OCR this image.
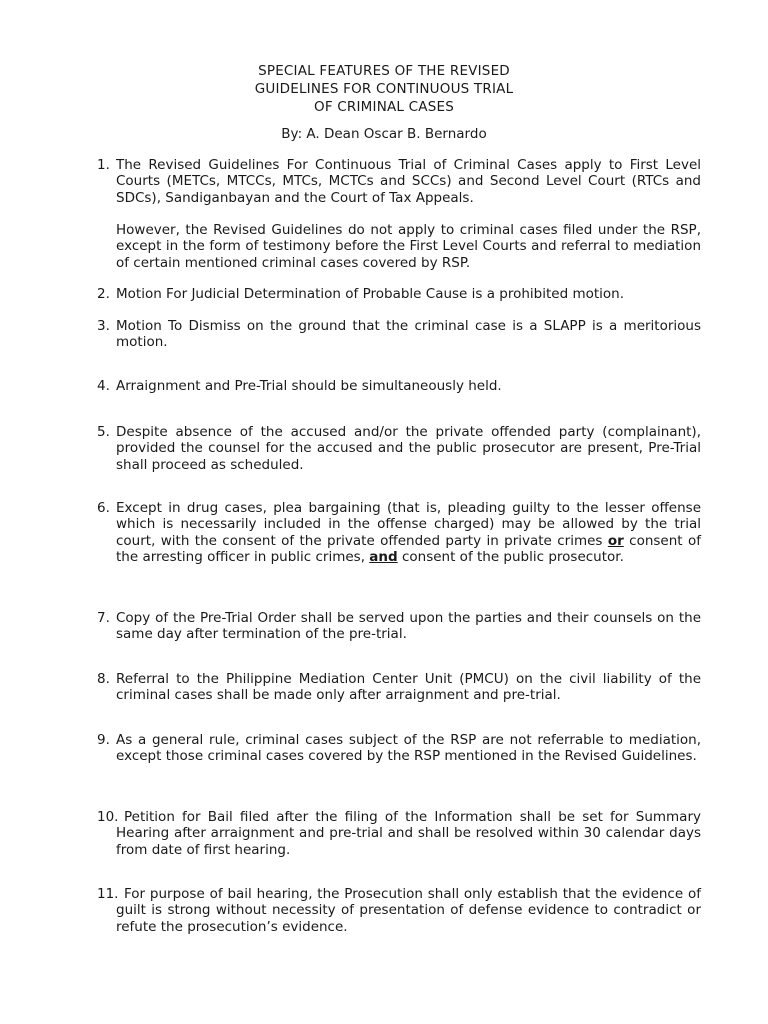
SPECIAL FEATURES OF THE REVISED
GUIDELINES FOR CONTINUOUS TRIAL
OF CRIMINAL CASES
By: A. Dean Oscar B. Bernardo
1. The Revised Guidelines For Continuous Trial of Criminal Cases apply to First Level Courts (METCs, MTCCs, MTCs, MCTCs and SCCs) and Second Level Court (RTCs and SDCs), Sandiganbayan and the Court of Tax Appeals.
However, the Revised Guidelines do not apply to criminal cases filed under the RSP, except in the form of testimony before the First Level Courts and referral to mediation of certain mentioned criminal cases covered by RSP.
2. Motion For Judicial Determination of Probable Cause is a prohibited motion.
3. Motion To Dismiss on the ground that the criminal case is a SLAPP is a meritorious motion.
4. Arraignment and Pre-Trial should be simultaneously held.
5. Despite absence of the accused and/or the private offended party (complainant), provided the counsel for the accused and the public prosecutor are present, Pre-Trial shall proceed as scheduled.
6. Except in drug cases, plea bargaining (that is, pleading guilty to the lesser offense which is necessarily included in the offense charged) may be allowed by the trial court, with the consent of the private offended party in private crimes or consent of the arresting officer in public crimes, and consent of the public prosecutor.
7. Copy of the Pre-Trial Order shall be served upon the parties and their counsels on the same day after termination of the pre-trial.
8. Referral to the Philippine Mediation Center Unit (PMCU) on the civil liability of the criminal cases shall be made only after arraignment and pre-trial.
9. As a general rule, criminal cases subject of the RSP are not referrable to mediation, except those criminal cases covered by the RSP mentioned in the Revised Guidelines.
10. Petition for Bail filed after the filing of the Information shall be set for Summary Hearing after arraignment and pre-trial and shall be resolved within 30 calendar days from date of first hearing.
11. For purpose of bail hearing, the Prosecution shall only establish that the evidence of guilt is strong without necessity of presentation of defense evidence to contradict or refute the prosecution’s evidence.
